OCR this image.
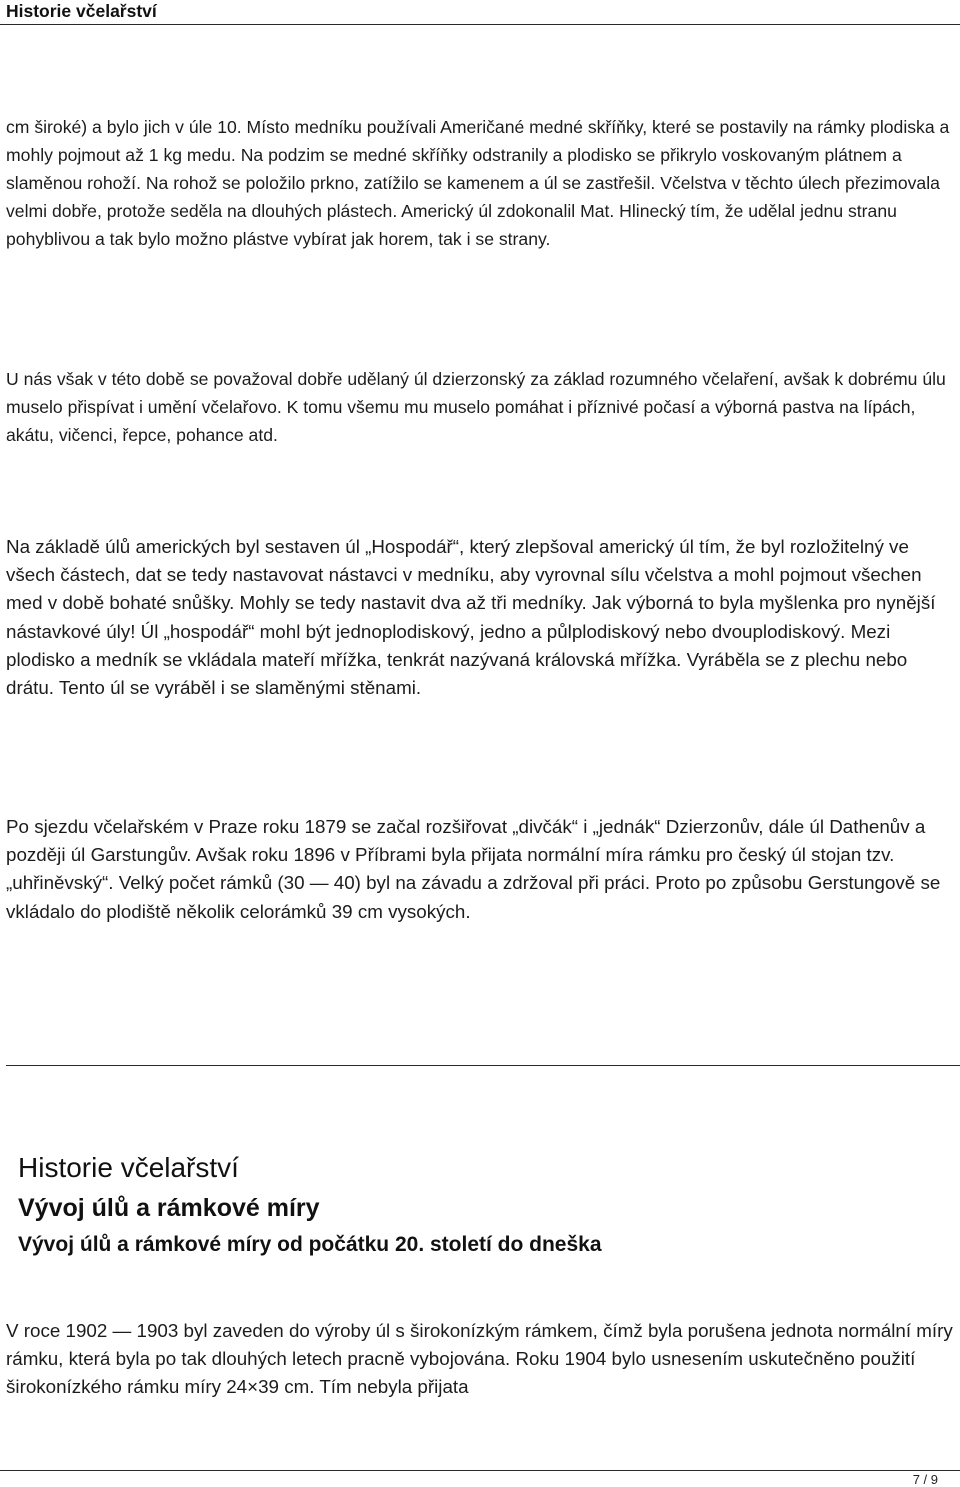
Historie včelařství

cm široké) a bylo jich v úle 10. Místo medníku používali Američané medné skříňky, které se postavily na rámky plodiska a mohly pojmout až 1 kg medu. Na podzim se medné skříňky odstranily a plodisko se přikrylo voskovaným plátnem a slaměnou rohoží. Na rohož se položilo prkno, zatížilo se kamenem a úl se zastřešil. Včelstva v těchto úlech přezimovala velmi dobře, protože seděla na dlouhých plástech. Americký úl zdokonalil Mat. Hlinecký tím, že udělal jednu stranu pohyblivou a tak bylo možno plástve vybírat jak horem, tak i se strany.

U nás však v této době se považoval dobře udělaný úl dzierzonský za základ rozumného včelaření, avšak k dobrému úlu muselo přispívat i umění včelařovo. K tomu všemu mu muselo pomáhat i příznivé počasí a výborná pastva na lípách, akátu, vičenci, řepce, pohance atd.

Na základě úlů amerických byl sestaven úl „Hospodář“, který zlepšoval americký úl tím, že byl rozložitelný ve všech částech, dat se tedy nastavovat nástavci v medníku, aby vyrovnal sílu včelstva a mohl pojmout všechen med v době bohaté snůšky. Mohly se tedy nastavit dva až tři medníky. Jak výborná to byla myšlenka pro nynější nástavkové úly! Úl „hospodář“ mohl být jednoplodiskový, jedno a půlplodiskový nebo dvouplodiskový. Mezi plodisko a medník se vkládala mateří mřížka, tenkrát nazývaná královská mřížka. Vyráběla se z plechu nebo drátu. Tento úl se vyráběl i se slaměnými stěnami.

Po sjezdu včelařském v Praze roku 1879 se začal rozšiřovat „divčák“ i „jednák“ Dzierzonův, dále úl Dathenův a později úl Garstungův. Avšak roku 1896 v Příbrami byla přijata normální míra rámku pro český úl stojan tzv. „uhřiněvský“. Velký počet rámků (30 — 40) byl na závadu a zdržoval při práci. Proto po způsobu Gerstungově se vkládalo do plodiště několik celorámků 39 cm vysokých.

Historie včelařství
Vývoj úlů a rámkové míry
Vývoj úlů a rámkové míry od počátku 20. století do dneška

V roce 1902 — 1903 byl zaveden do výroby úl s širokonízkým rámkem, čímž byla porušena jednota normální míry rámku, která byla po tak dlouhých letech pracně vybojována. Roku 1904 bylo usnesením uskutečněno použití širokonízkého rámku míry 24×39 cm. Tím nebyla přijata

7 / 9
